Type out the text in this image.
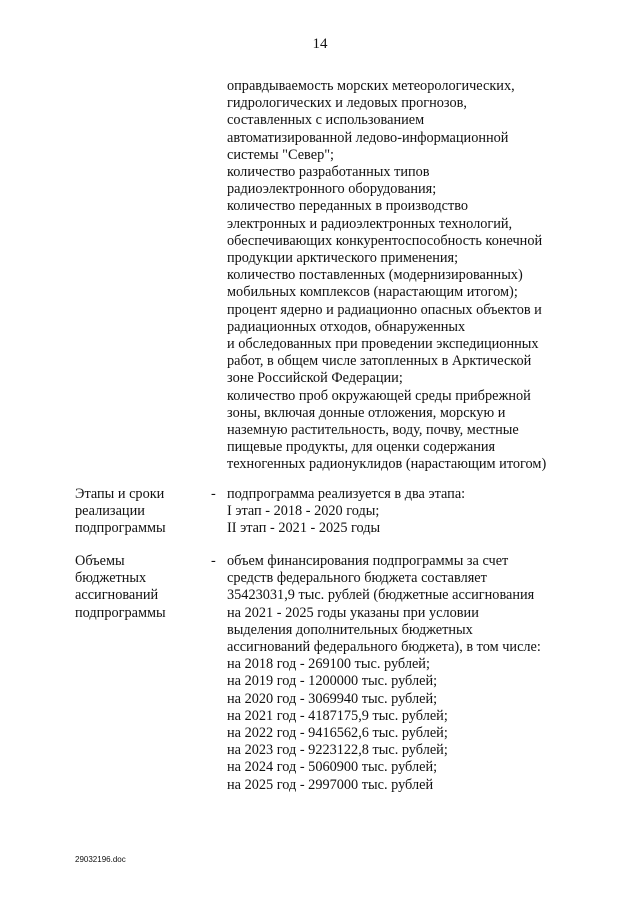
14
оправдываемость морских метеорологических,
гидрологических и ледовых прогнозов,
составленных с использованием
автоматизированной ледово-информационной
системы "Север";
количество разработанных типов
радиоэлектронного оборудования;
количество переданных в производство
электронных и радиоэлектронных технологий,
обеспечивающих конкурентоспособность конечной
продукции арктического применения;
количество поставленных (модернизированных)
мобильных комплексов (нарастающим итогом);
процент ядерно и радиационно опасных объектов и
радиационных отходов, обнаруженных
и обследованных при проведении экспедиционных
работ, в общем числе затопленных в Арктической
зоне Российской Федерации;
количество проб окружающей среды прибрежной
зоны, включая донные отложения, морскую и
наземную растительность, воду, почву, местные
пищевые продукты, для оценки содержания
техногенных радионуклидов (нарастающим итогом)
Этапы и сроки
реализации
подпрограммы
- подпрограмма реализуется в два этапа:
I этап - 2018 - 2020 годы;
II этап - 2021 - 2025 годы
Объемы
бюджетных
ассигнований
подпрограммы
- объем финансирования подпрограммы за счет
средств федерального бюджета составляет
35423031,9 тыс. рублей (бюджетные ассигнования
на 2021 - 2025 годы указаны при условии
выделения дополнительных бюджетных
ассигнований федерального бюджета), в том числе:
на 2018 год - 269100 тыс. рублей;
на 2019 год - 1200000 тыс. рублей;
на 2020 год - 3069940 тыс. рублей;
на 2021 год - 4187175,9 тыс. рублей;
на 2022 год - 9416562,6 тыс. рублей;
на 2023 год - 9223122,8 тыс. рублей;
на 2024 год - 5060900 тыс. рублей;
на 2025 год - 2997000 тыс. рублей
29032196.doc
